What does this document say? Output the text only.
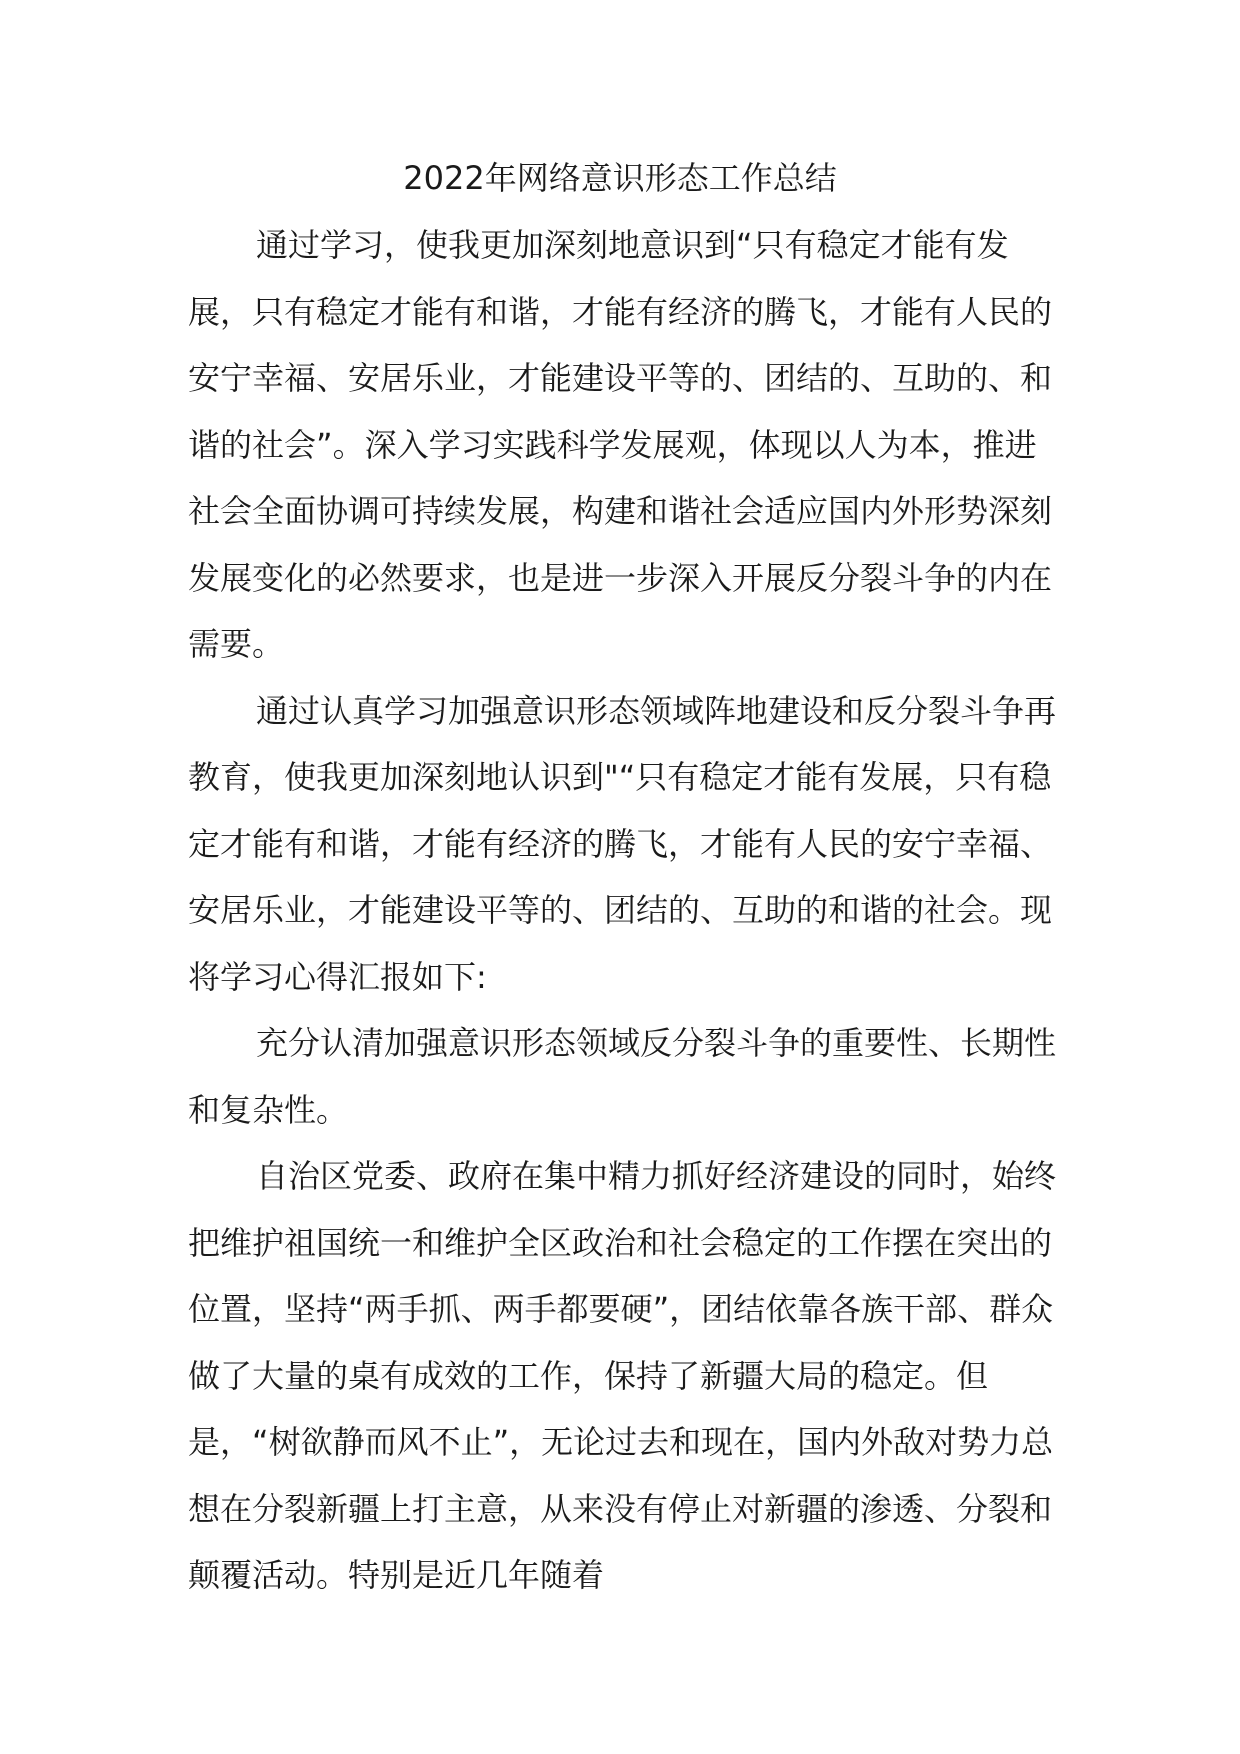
2022年网络意识形态工作总结

通过学习，使我更加深刻地意识到“只有稳定才能有发展，只有稳定才能有和谐，才能有经济的腾飞，才能有人民的安宁幸福、安居乐业，才能建设平等的、团结的、互助的、和谐的社会”。深入学习实践科学发展观，体现以人为本，推进社会全面协调可持续发展，构建和谐社会适应国内外形势深刻发展变化的必然要求，也是进一步深入开展反分裂斗争的内在需要。

通过认真学习加强意识形态领域阵地建设和反分裂斗争再教育，使我更加深刻地认识到"“只有稳定才能有发展，只有稳定才能有和谐，才能有经济的腾飞，才能有人民的安宁幸福、安居乐业，才能建设平等的、团结的、互助的和谐的社会。现将学习心得汇报如下:

充分认清加强意识形态领域反分裂斗争的重要性、长期性和复杂性。

自治区党委、政府在集中精力抓好经济建设的同时，始终把维护祖国统一和维护全区政治和社会稳定的工作摆在突出的位置，坚持“两手抓、两手都要硬”，团结依靠各族干部、群众做了大量的桌有成效的工作，保持了新疆大局的稳定。但是，“树欲静而风不止”，无论过去和现在，国内外敌对势力总想在分裂新疆上打主意，从来没有停止对新疆的渗透、分裂和颠覆活动。特别是近几年随着
